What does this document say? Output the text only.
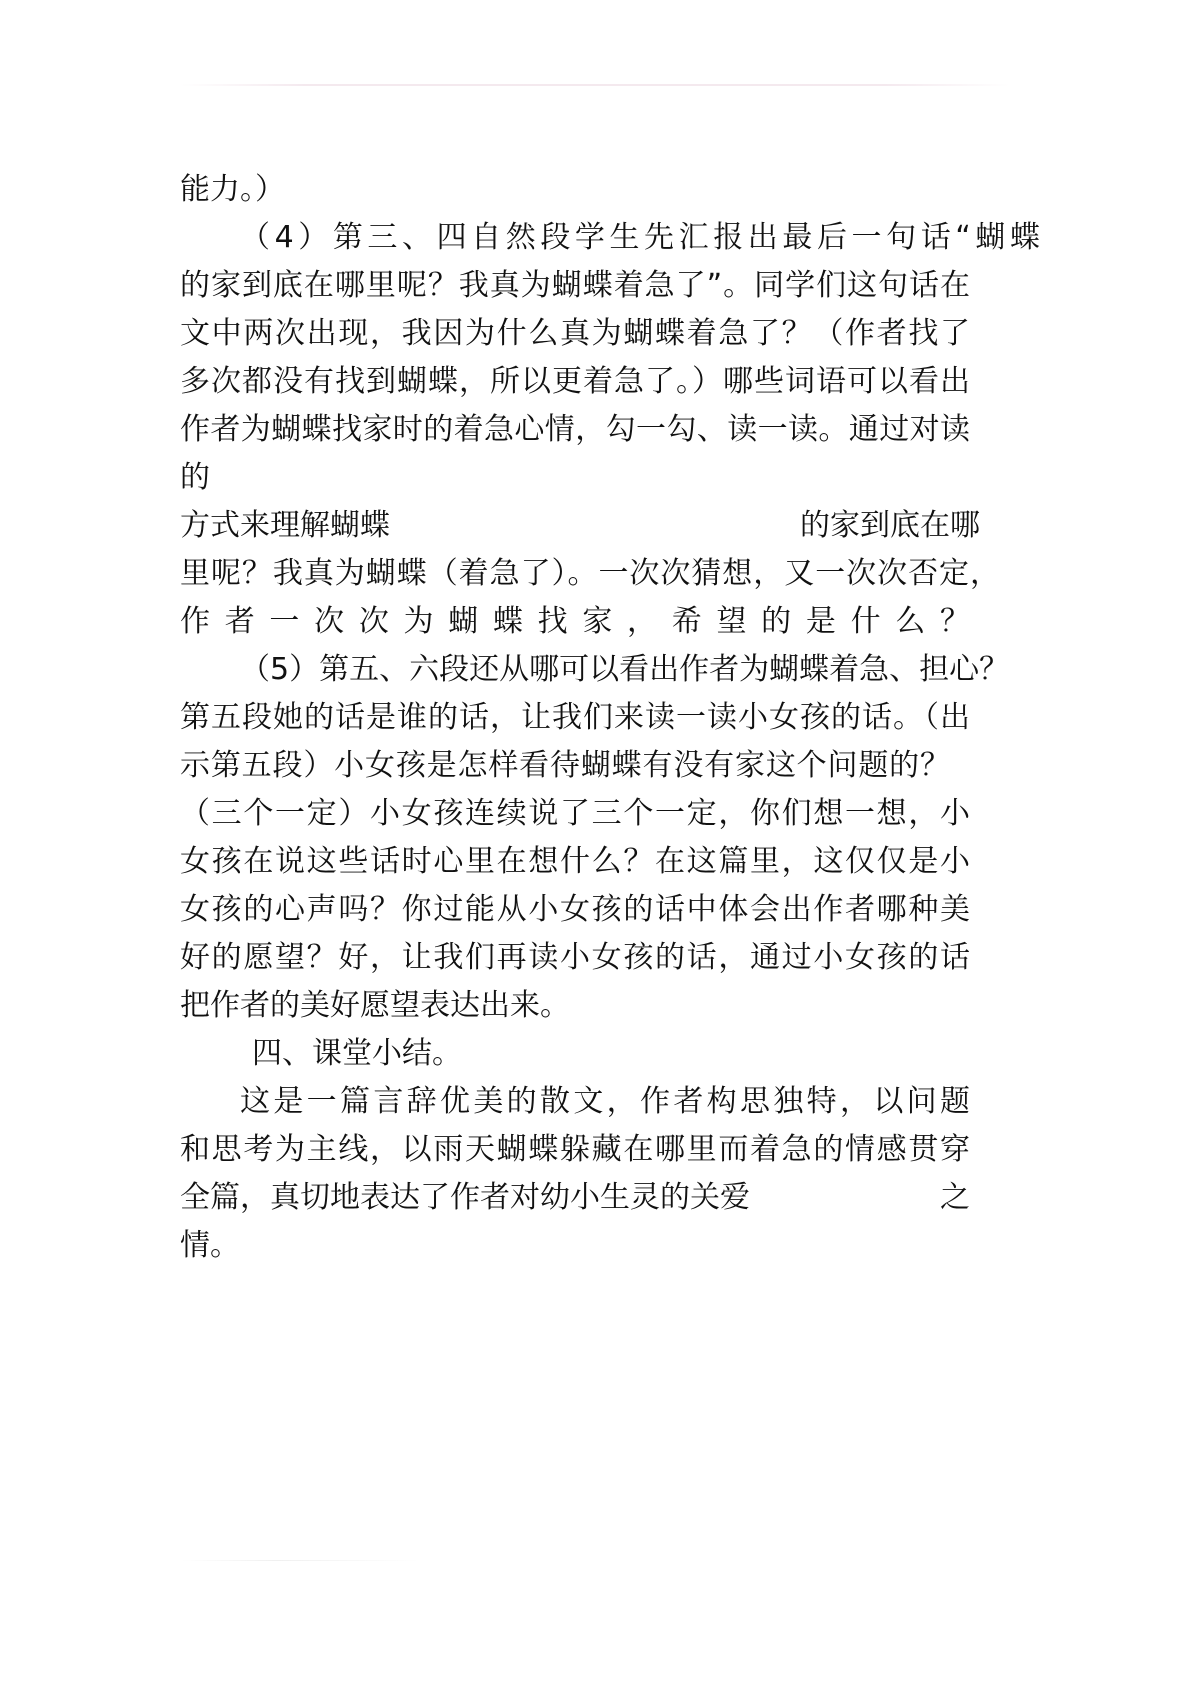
能力。）
（4）第三、四自然段学生先汇报出最后一句话“蝴蝶
的家到底在哪里呢？我真为蝴蝶着急了”。同学们这句话在
文中两次出现，我因为什么真为蝴蝶着急了？（作者找了
多次都没有找到蝴蝶，所以更着急了。）哪些词语可以看出
作者为蝴蝶找家时的着急心情，勾一勾、读一读。通过对读
的
方式来理解蝴蝶	的家到底在哪
里呢？我真为蝴蝶（着急了）。一次次猜想，又一次次否定，
作者一次次为蝴蝶找家，希望的是什么？
（5）第五、六段还从哪可以看出作者为蝴蝶着急、担心？
第五段她的话是谁的话，让我们来读一读小女孩的话。（出
示第五段）小女孩是怎样看待蝴蝶有没有家这个问题的？
（三个一定）小女孩连续说了三个一定，你们想一想，小
女孩在说这些话时心里在想什么？在这篇里，这仅仅是小
女孩的心声吗？你过能从小女孩的话中体会出作者哪种美
好的愿望？好，让我们再读小女孩的话，通过小女孩的话
把作者的美好愿望表达出来。
四、课堂小结。
这是一篇言辞优美的散文，作者构思独特，以问题
和思考为主线，以雨天蝴蝶躲藏在哪里而着急的情感贯穿
全篇，真切地表达了作者对幼小生灵的关爱	之
情。
